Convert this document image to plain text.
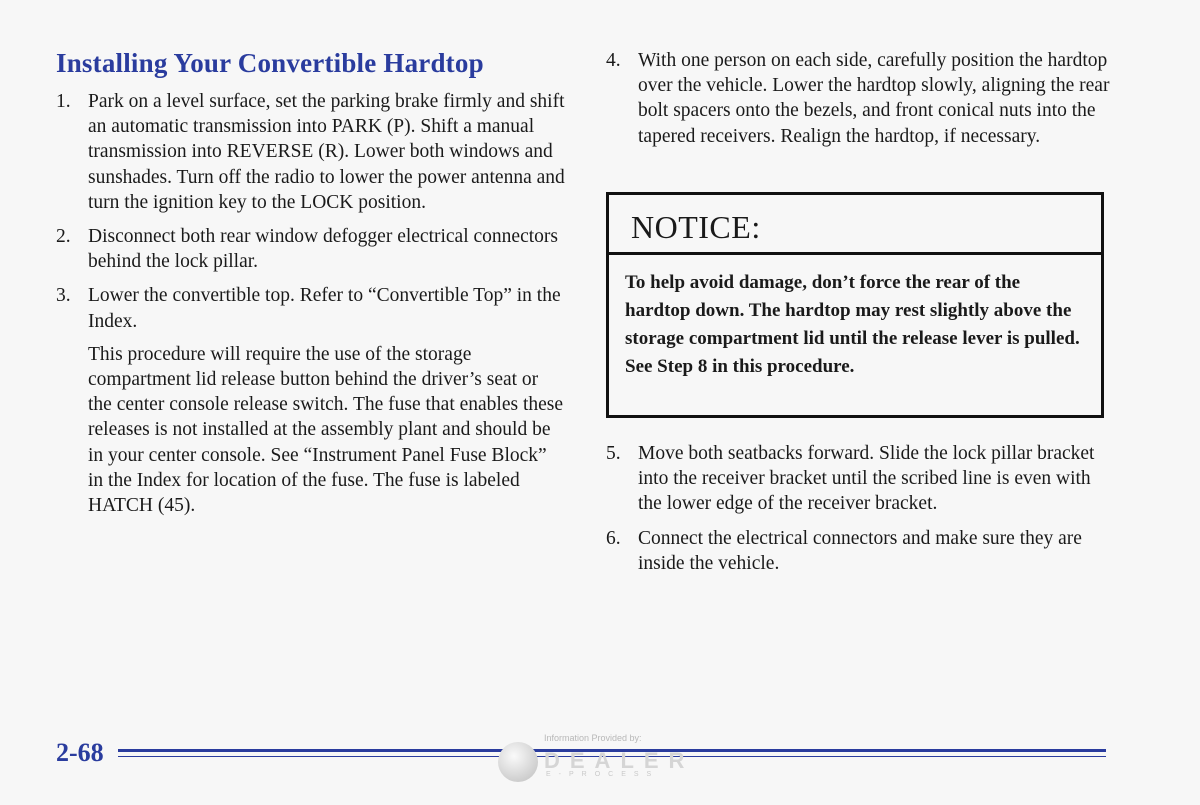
Installing Your Convertible Hardtop
1. Park on a level surface, set the parking brake firmly and shift an automatic transmission into PARK (P). Shift a manual transmission into REVERSE (R). Lower both windows and sunshades. Turn off the radio to lower the power antenna and turn the ignition key to the LOCK position.
2. Disconnect both rear window defogger electrical connectors behind the lock pillar.
3. Lower the convertible top. Refer to “Convertible Top” in the Index.

This procedure will require the use of the storage compartment lid release button behind the driver’s seat or the center console release switch. The fuse that enables these releases is not installed at the assembly plant and should be in your center console. See “Instrument Panel Fuse Block” in the Index for location of the fuse. The fuse is labeled HATCH (45).

4. With one person on each side, carefully position the hardtop over the vehicle. Lower the hardtop slowly, aligning the rear bolt spacers onto the bezels, and front conical nuts into the tapered receivers. Realign the hardtop, if necessary.
NOTICE:
To help avoid damage, don’t force the rear of the hardtop down. The hardtop may rest slightly above the storage compartment lid until the release lever is pulled. See Step 8 in this procedure.
5. Move both seatbacks forward. Slide the lock pillar bracket into the receiver bracket until the scribed line is even with the lower edge of the receiver bracket.
6. Connect the electrical connectors and make sure they are inside the vehicle.
2-68	Information Provided by:
DEALER
E-PROCESS
